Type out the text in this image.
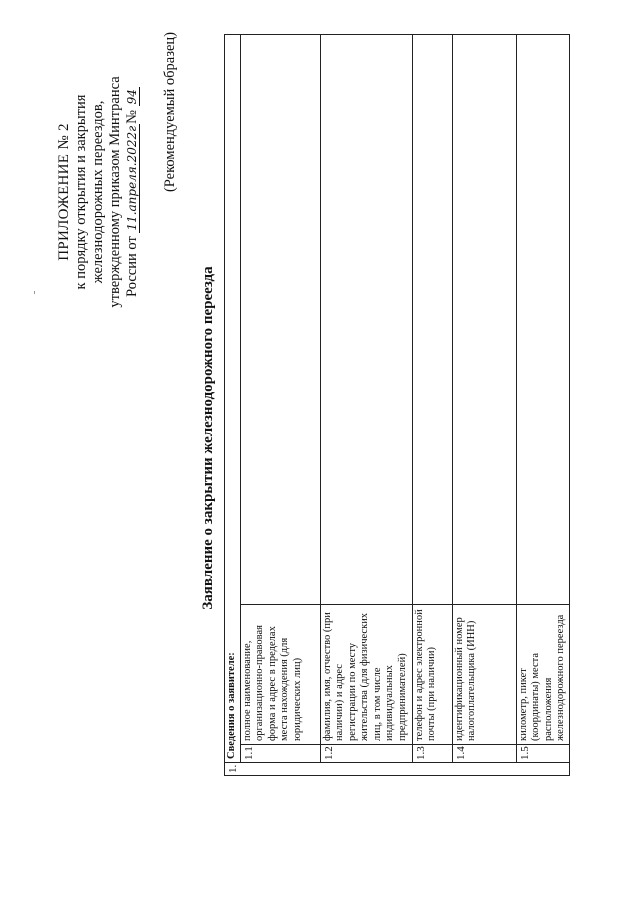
ПРИЛОЖЕНИЕ № 2 к порядку открытия и закрытия железнодорожных переездов, утвержденному приказом Минтранса России от 11.апреля.2022г№ 94 (Рекомендуемый образец)
Заявление о закрытии железнодорожного переезда
1.	Сведения о заявителе:		
	1.1	полное наименование, организационно-правовая форма и адрес в пределах места нахождения (для юридических лиц)	
	1.2	фамилия, имя, отчество (при наличии) и адрес регистрации по месту жительства (для физических лиц, в том числе индивидуальных предпринимателей)	
	1.3	телефон и адрес электронной почты (при наличии)	
	1.4	идентификационный номер налогоплательщика (ИНН)	
	1.5	километр, пикет (координаты) места расположения железнодорожного переезда	
